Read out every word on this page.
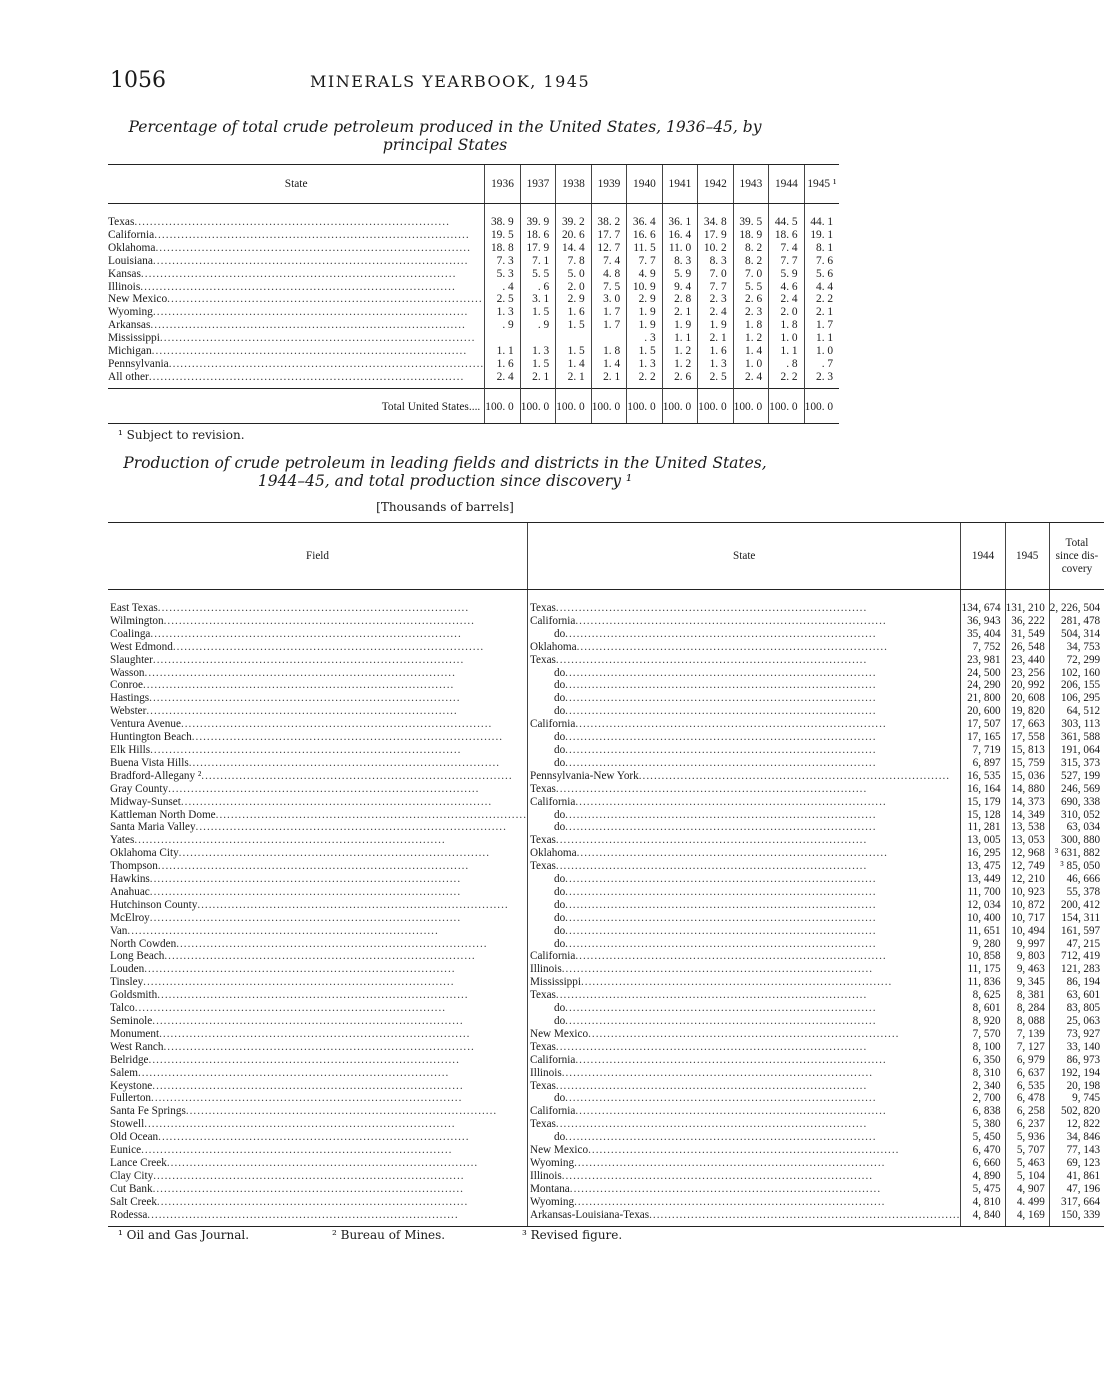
1056	MINERALS YEARBOOK, 1945
Percentage of total crude petroleum produced in the United States, 1936–45, by
principal States
State	1936	1937	1938	1939	1940	1941	1942	1943	1944	1945 ¹

Texas ..................................................................................	38. 9	39. 9	39. 2	38. 2	36. 4	36. 1	34. 8	39. 5	44. 5	44. 1

California ..................................................................................	19. 5	18. 6	20. 6	17. 7	16. 6	16. 4	17. 9	18. 9	18. 6	19. 1

Oklahoma ..................................................................................	18. 8	17. 9	14. 4	12. 7	11. 5	11. 0	10. 2	8. 2	7. 4	8. 1

Louisiana ..................................................................................	7. 3	7. 1	7. 8	7. 4	7. 7	8. 3	8. 3	8. 2	7. 7	7. 6

Kansas ..................................................................................	5. 3	5. 5	5. 0	4. 8	4. 9	5. 9	7. 0	7. 0	5. 9	5. 6

Illinois ..................................................................................	. 4	. 6	2. 0	7. 5	10. 9	9. 4	7. 7	5. 5	4. 6	4. 4

New Mexico ..................................................................................	2. 5	3. 1	2. 9	3. 0	2. 9	2. 8	2. 3	2. 6	2. 4	2. 2

Wyoming ..................................................................................	1. 3	1. 5	1. 6	1. 7	1. 9	2. 1	2. 4	2. 3	2. 0	2. 1

Arkansas ..................................................................................	. 9	. 9	1. 5	1. 7	1. 9	1. 9	1. 9	1. 8	1. 8	1. 7

Mississippi ..................................................................................					. 3	1. 1	2. 1	1. 2	1. 0	1. 1

Michigan ..................................................................................	1. 1	1. 3	1. 5	1. 8	1. 5	1. 2	1. 6	1. 4	1. 1	1. 0

Pennsylvania ..................................................................................	1. 6	1. 5	1. 4	1. 4	1. 3	1. 2	1. 3	1. 0	. 8	. 7

All other ..................................................................................	2. 4	2. 1	2. 1	2. 1	2. 2	2. 6	2. 5	2. 4	2. 2	2. 3
Total United States....	100. 0	100. 0	100. 0	100. 0	100. 0	100. 0	100. 0	100. 0	100. 0	100. 0
¹ Subject to revision.
Production of crude petroleum in leading fields and districts in the United States,
1944–45, and total production since discovery ¹
[Thousands of barrels]
Field	State	1944	1945	Total since dis-covery

East Texas ..................................................................................	Texas ..................................................................................	134, 674	131, 210	2, 226, 504

Wilmington ..................................................................................	California ..................................................................................	36, 943	36, 222	281, 478

Coalinga ..................................................................................	do ..................................................................................	35, 404	31, 549	504, 314

West Edmond ..................................................................................	Oklahoma ..................................................................................	7, 752	26, 548	34, 753

Slaughter ..................................................................................	Texas ..................................................................................	23, 981	23, 440	72, 299

Wasson ..................................................................................	do ..................................................................................	24, 500	23, 256	102, 160

Conroe ..................................................................................	do ..................................................................................	24, 290	20, 992	206, 155

Hastings ..................................................................................	do ..................................................................................	21, 800	20, 608	106, 295

Webster ..................................................................................	do ..................................................................................	20, 600	19, 820	64, 512

Ventura Avenue ..................................................................................	California ..................................................................................	17, 507	17, 663	303, 113

Huntington Beach ..................................................................................	do ..................................................................................	17, 165	17, 558	361, 588

Elk Hills ..................................................................................	do ..................................................................................	7, 719	15, 813	191, 064

Buena Vista Hills ..................................................................................	do ..................................................................................	6, 897	15, 759	315, 373

Bradford-Allegany ² ..................................................................................	Pennsylvania-New York ..................................................................................	16, 535	15, 036	527, 199

Gray County ..................................................................................	Texas ..................................................................................	16, 164	14, 880	246, 569

Midway-Sunset ..................................................................................	California ..................................................................................	15, 179	14, 373	690, 338

Kattleman North Dome ..................................................................................	do ..................................................................................	15, 128	14, 349	310, 052

Santa Maria Valley ..................................................................................	do ..................................................................................	11, 281	13, 538	63, 034

Yates ..................................................................................	Texas ..................................................................................	13, 005	13, 053	300, 880

Oklahoma City ..................................................................................	Oklahoma ..................................................................................	16, 295	12, 968	³ 631, 882

Thompson ..................................................................................	Texas ..................................................................................	13, 475	12, 749	³ 85, 050

Hawkins ..................................................................................	do ..................................................................................	13, 449	12, 210	46, 666

Anahuac ..................................................................................	do ..................................................................................	11, 700	10, 923	55, 378

Hutchinson County ..................................................................................	do ..................................................................................	12, 034	10, 872	200, 412

McElroy ..................................................................................	do ..................................................................................	10, 400	10, 717	154, 311

Van ..................................................................................	do ..................................................................................	11, 651	10, 494	161, 597

North Cowden ..................................................................................	do ..................................................................................	9, 280	9, 997	47, 215

Long Beach ..................................................................................	California ..................................................................................	10, 858	9, 803	712, 419

Louden ..................................................................................	Illinois ..................................................................................	11, 175	9, 463	121, 283

Tinsley ..................................................................................	Mississippi ..................................................................................	11, 836	9, 345	86, 194

Goldsmith ..................................................................................	Texas ..................................................................................	8, 625	8, 381	63, 601

Talco ..................................................................................	do ..................................................................................	8, 601	8, 284	83, 805

Seminole ..................................................................................	do ..................................................................................	8, 920	8, 088	25, 063

Monument ..................................................................................	New Mexico ..................................................................................	7, 570	7, 139	73, 927

West Ranch ..................................................................................	Texas ..................................................................................	8, 100	7, 127	33, 140

Belridge ..................................................................................	California ..................................................................................	6, 350	6, 979	86, 973

Salem ..................................................................................	Illinois ..................................................................................	8, 310	6, 637	192, 194

Keystone ..................................................................................	Texas ..................................................................................	2, 340	6, 535	20, 198

Fullerton ..................................................................................	do ..................................................................................	2, 700	6, 478	9, 745

Santa Fe Springs ..................................................................................	California ..................................................................................	6, 838	6, 258	502, 820

Stowell ..................................................................................	Texas ..................................................................................	5, 380	6, 237	12, 822

Old Ocean ..................................................................................	do ..................................................................................	5, 450	5, 936	34, 846

Eunice ..................................................................................	New Mexico ..................................................................................	6, 470	5, 707	77, 143

Lance Creek ..................................................................................	Wyoming ..................................................................................	6, 660	5, 463	69, 123

Clay City ..................................................................................	Illinois ..................................................................................	4, 890	5, 104	41, 861

Cut Bank ..................................................................................	Montana ..................................................................................	5, 475	4, 907	47, 196

Salt Creek ..................................................................................	Wyoming ..................................................................................	4, 810	4. 499	317, 664

Rodessa ..................................................................................	Arkansas-Louisiana-Texas ..................................................................................	4, 840	4, 169	150, 339
¹ Oil and Gas Journal.	² Bureau of Mines.	³ Revised figure.
